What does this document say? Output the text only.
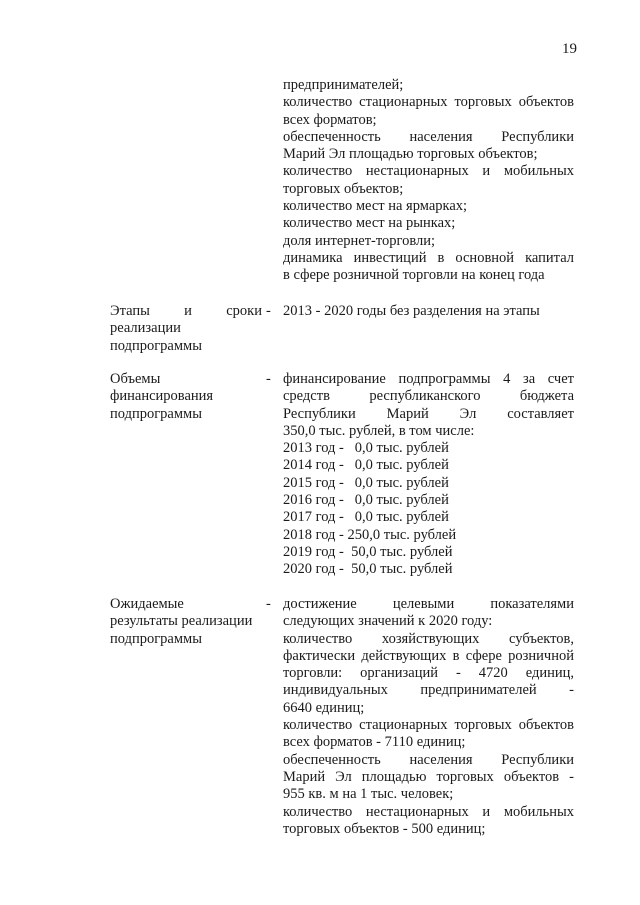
19
предпринимателей;
количество стационарных торговых объектов
всех форматов;
обеспеченность населения Республики
Марий Эл площадью торговых объектов;
количество нестационарных и мобильных
торговых объектов;
количество мест на ярмарках;
количество мест на рынках;
доля интернет-торговли;
динамика инвестиций в основной капитал
в сфере розничной торговли на конец года
Этапы и сроки
реализации
подпрограммы
- 2013 - 2020 годы без разделения на этапы
Объемы
финансирования
подпрограммы
- финансирование подпрограммы 4 за счет
средств республиканского бюджета
Республики Марий Эл составляет
350,0 тыс. рублей, в том числе:
2013 год - 0,0 тыс. рублей
2014 год - 0,0 тыс. рублей
2015 год - 0,0 тыс. рублей
2016 год - 0,0 тыс. рублей
2017 год - 0,0 тыс. рублей
2018 год - 250,0 тыс. рублей
2019 год - 50,0 тыс. рублей
2020 год - 50,0 тыс. рублей
Ожидаемые
результаты реализации
подпрограммы
- достижение целевыми показателями
следующих значений к 2020 году:
количество хозяйствующих субъектов,
фактически действующих в сфере розничной
торговли: организаций - 4720 единиц,
индивидуальных предпринимателей -
6640 единиц;
количество стационарных торговых объектов
всех форматов - 7110 единиц;
обеспеченность населения Республики
Марий Эл площадью торговых объектов -
955 кв. м на 1 тыс. человек;
количество нестационарных и мобильных
торговых объектов - 500 единиц;
